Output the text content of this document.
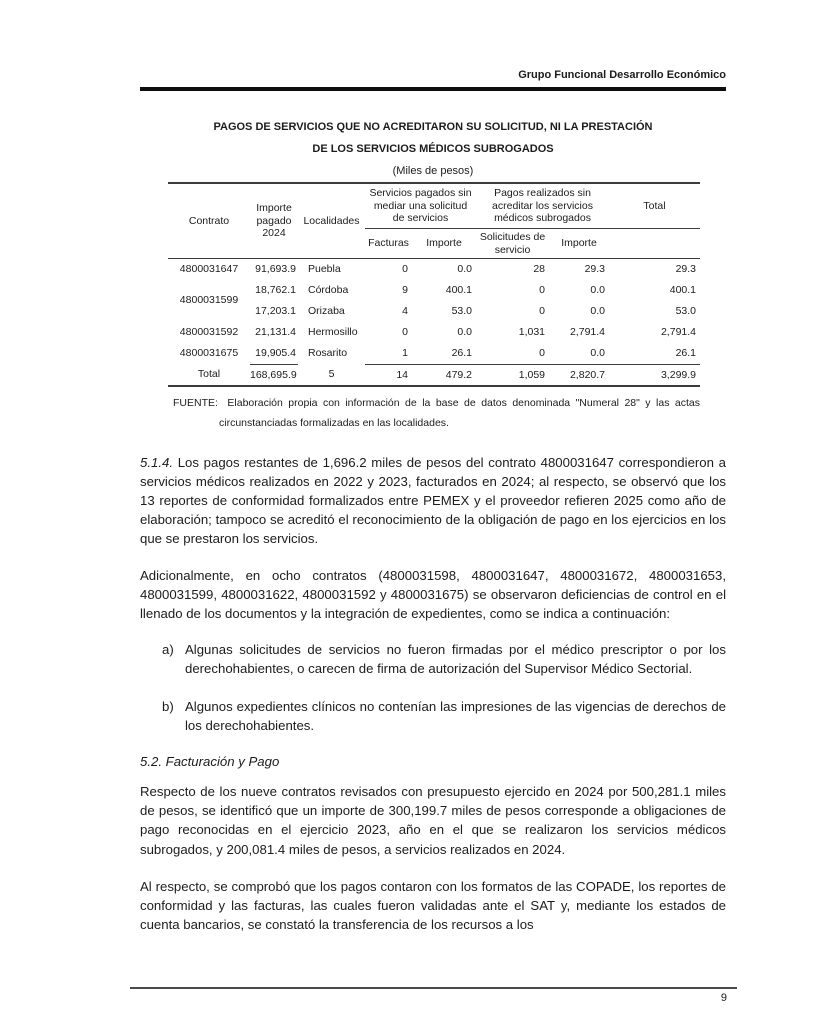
Grupo Funcional Desarrollo Económico
PAGOS DE SERVICIOS QUE NO ACREDITARON SU SOLICITUD, NI LA PRESTACIÓN
DE LOS SERVICIOS MÉDICOS SUBROGADOS
(Miles de pesos)
Contrato	Importe pagado 2024	Localidades	Servicios pagados sin mediar una solicitud de servicios		Pagos realizados sin acreditar los servicios médicos subrogados		Total
			Facturas	Importe	Solicitudes de servicio	Importe	
4800031647	91,693.9	Puebla	0	0.0	28	29.3	29.3
4800031599	18,762.1	Córdoba	9	400.1	0	0.0	400.1
	17,203.1	Orizaba	4	53.0	0	0.0	53.0
4800031592	21,131.4	Hermosillo	0	0.0	1,031	2,791.4	2,791.4
4800031675	19,905.4	Rosarito	1	26.1	0	0.0	26.1
Total	168,695.9	5	14	479.2	1,059	2,820.7	3,299.9

FUENTE: Elaboración propia con información de la base de datos denominada "Numeral 28" y las actas circunstanciadas formalizadas en las localidades.

5.1.4. Los pagos restantes de 1,696.2 miles de pesos del contrato 4800031647 correspondieron a servicios médicos realizados en 2022 y 2023, facturados en 2024; al respecto, se observó que los 13 reportes de conformidad formalizados entre PEMEX y el proveedor refieren 2025 como año de elaboración; tampoco se acreditó el reconocimiento de la obligación de pago en los ejercicios en los que se prestaron los servicios.

Adicionalmente, en ocho contratos (4800031598, 4800031647, 4800031672, 4800031653, 4800031599, 4800031622, 4800031592 y 4800031675) se observaron deficiencias de control en el llenado de los documentos y la integración de expedientes, como se indica a continuación:

a) Algunas solicitudes de servicios no fueron firmadas por el médico prescriptor o por los derechohabientes, o carecen de firma de autorización del Supervisor Médico Sectorial.
b) Algunos expedientes clínicos no contenían las impresiones de las vigencias de derechos de los derechohabientes.
5.2. Facturación y Pago

Respecto de los nueve contratos revisados con presupuesto ejercido en 2024 por 500,281.1 miles de pesos, se identificó que un importe de 300,199.7 miles de pesos corresponde a obligaciones de pago reconocidas en el ejercicio 2023, año en el que se realizaron los servicios médicos subrogados, y 200,081.4 miles de pesos, a servicios realizados en 2024.

Al respecto, se comprobó que los pagos contaron con los formatos de las COPADE, los reportes de conformidad y las facturas, las cuales fueron validadas ante el SAT y, mediante los estados de cuenta bancarios, se constató la transferencia de los recursos a los

9
